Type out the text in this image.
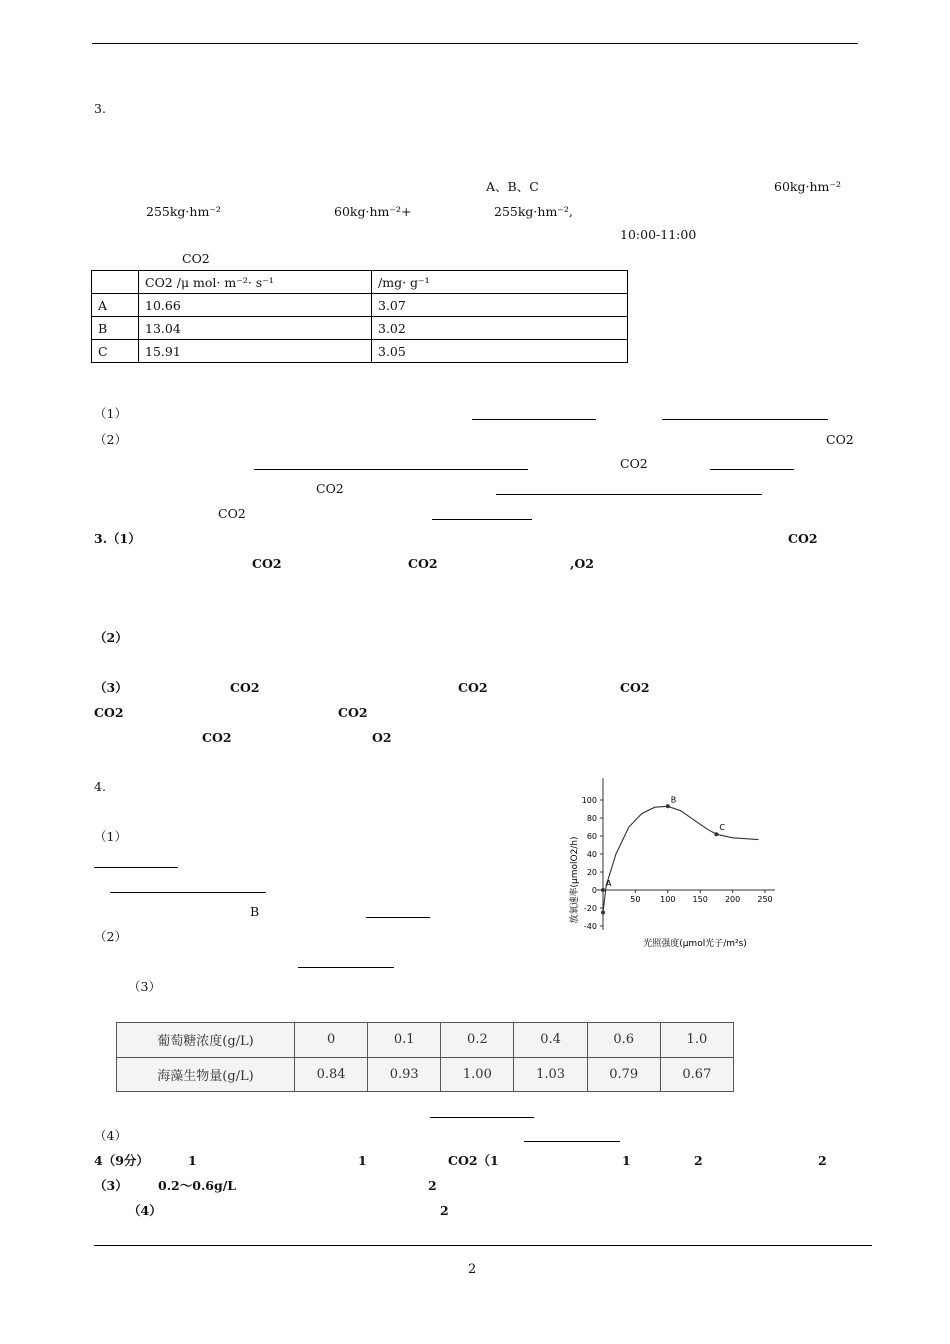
3.
A、B、C	60kg·hm⁻²
255kg·hm⁻²	60kg·hm⁻²+	255kg·hm⁻²,
10:00-11:00
CO2
	CO2 /μ mol· m⁻²· s⁻¹	/mg· g⁻¹
A	10.66	3.07
B	13.04	3.02
C	15.91	3.05
（1）
（2）	CO2
CO2
CO2
CO2
3.（1）	CO2
CO2	CO2	,O2
（2）
（3）	CO2	CO2	CO2
CO2	CO2
CO2	O2
4.
（1）
B
（2）
（3）
葡萄糖浓度(g/L)	0	0.1	0.2	0.4	0.6	1.0
海藻生物量(g/L)	0.84	0.93	1.00	1.03	0.79	0.67
（4）
4（9分）	1	1	CO2（1	1	2	2
（3） 0.2～0.6g/L	2
（4）	2
放氧速率(μmolO2/h)
光照强度(μmol光子/m²s)
100
80
60
40
20
0
-20
-40
50 100 150 200 250
A
B
C
2
